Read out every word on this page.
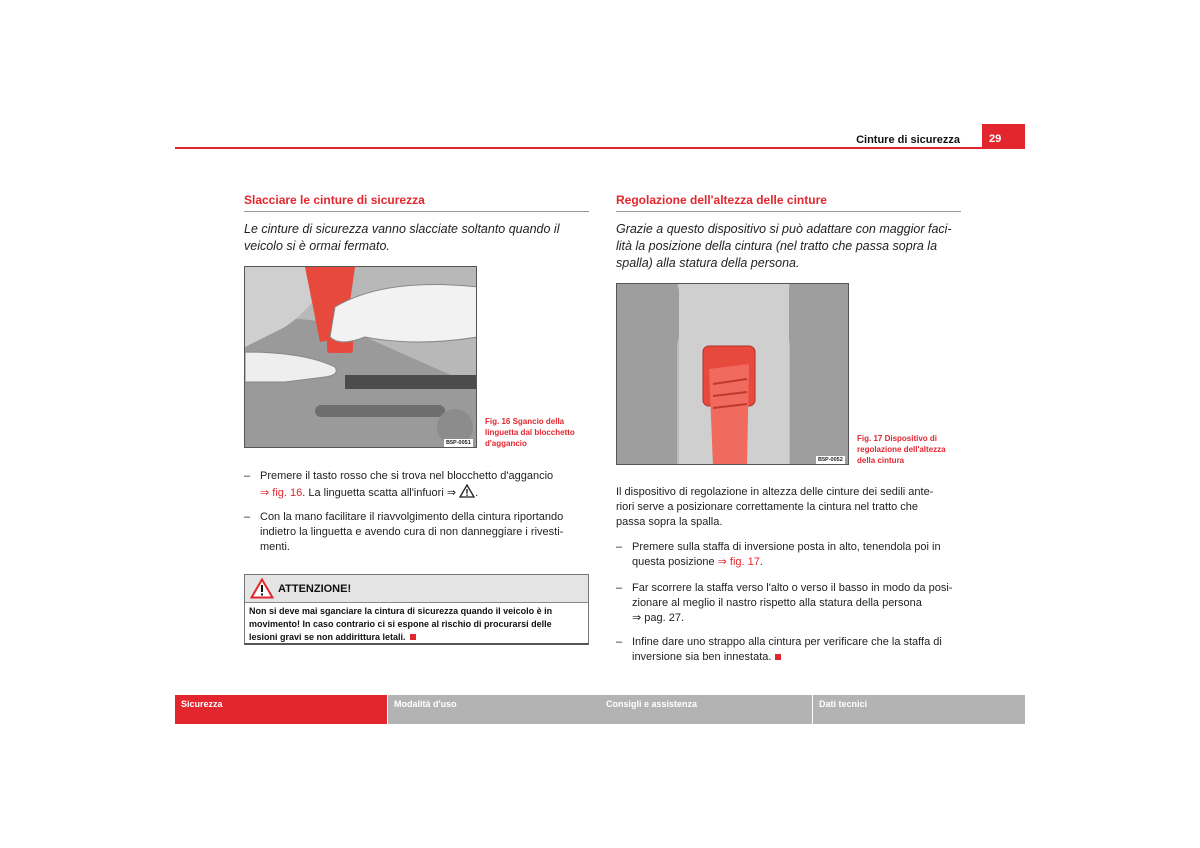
Cinture di sicurezza	29
Slacciare le cinture di sicurezza
Le cinture di sicurezza vanno slacciate soltanto quando il veicolo si è ormai fermato.
B5P-0051
Fig. 16 Sgancio della
linguetta dal blocchetto
d'aggancio
– Premere il tasto rosso che si trova nel blocchetto d'aggancio
⇒ fig. 16. La linguetta scatta all'infuori ⇒ .
– Con la mano facilitare il riavvolgimento della cintura riportando
indietro la linguetta e avendo cura di non danneggiare i rivesti-
menti.
ATTENZIONE!
Non si deve mai sganciare la cintura di sicurezza quando il veicolo è in
movimento! In caso contrario ci si espone al rischio di procurarsi delle
lesioni gravi se non addirittura letali.
Regolazione dell'altezza delle cinture
Grazie a questo dispositivo si può adattare con maggior faci-lità la posizione della cintura (nel tratto che passa sopra la spalla) alla statura della persona.
B5P-0052
Fig. 17 Dispositivo di
regolazione dell'altezza
della cintura
Il dispositivo di regolazione in altezza delle cinture dei sedili ante-
riori serve a posizionare correttamente la cintura nel tratto che
passa sopra la spalla.
– Premere sulla staffa di inversione posta in alto, tenendola poi in
questa posizione ⇒ fig. 17.
– Far scorrere la staffa verso l'alto o verso il basso in modo da posi-
zionare al meglio il nastro rispetto alla statura della persona
⇒ pag. 27.
– Infine dare uno strappo alla cintura per verificare che la staffa di
inversione sia ben innestata.
Sicurezza	Modalità d'uso	Consigli e assistenza	Dati tecnici
